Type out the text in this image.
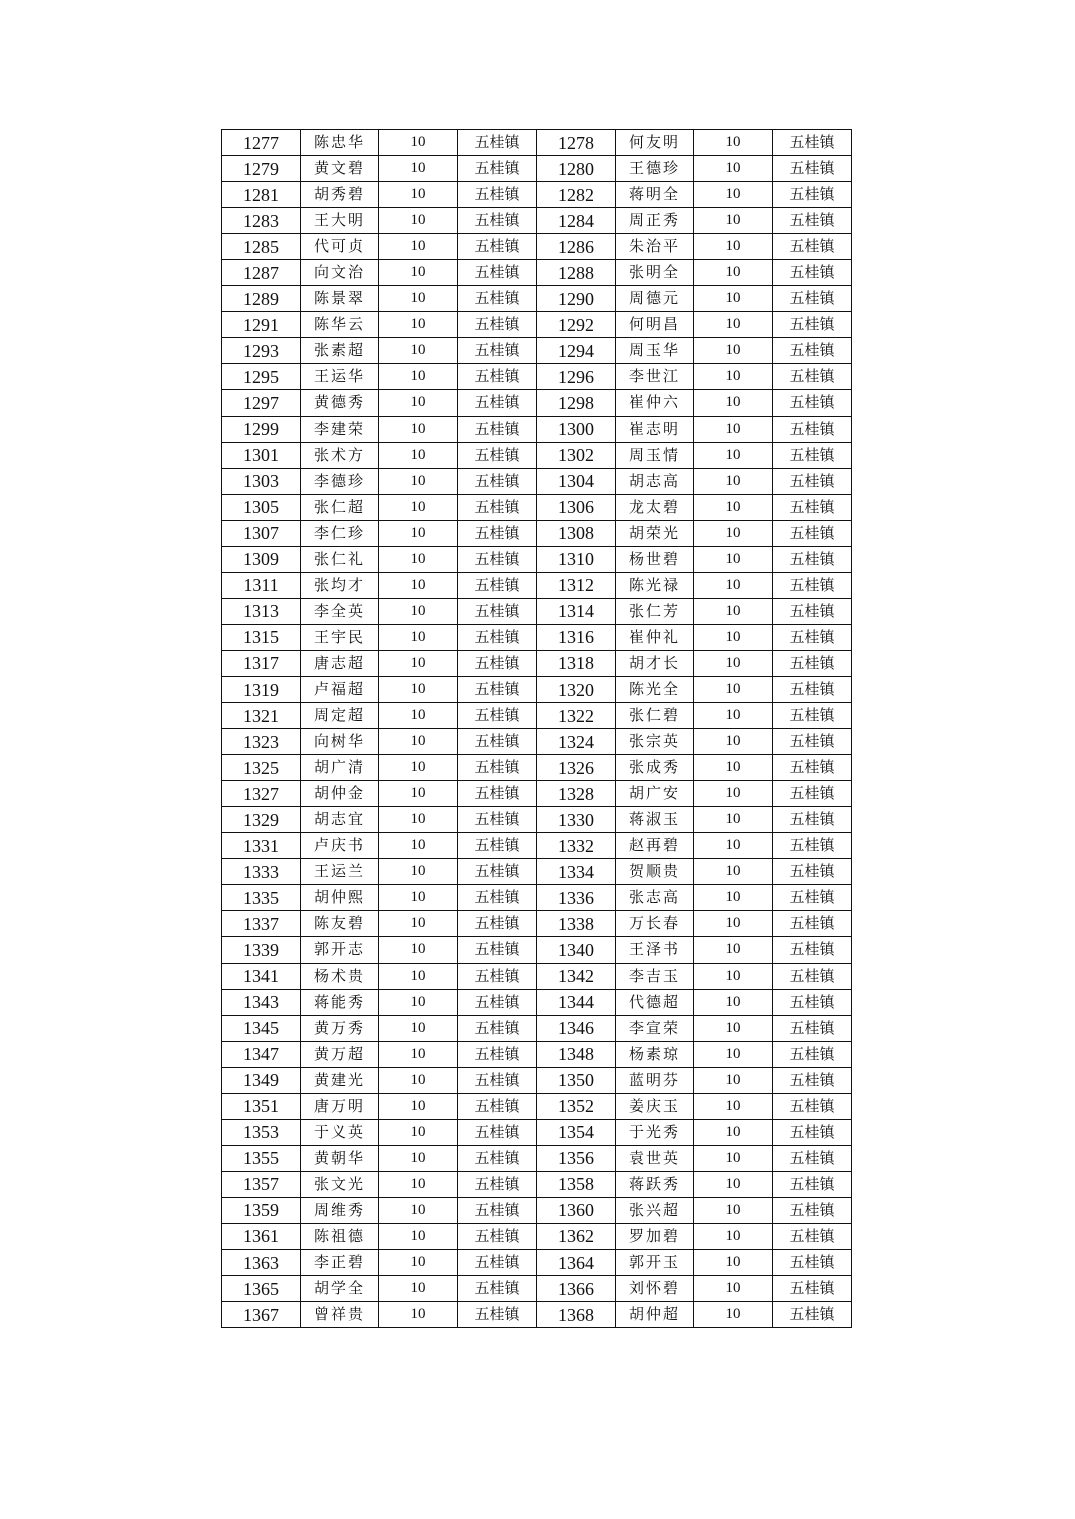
1277	陈忠华	10	五桂镇	1278	何友明	10	五桂镇
1279	黄文碧	10	五桂镇	1280	王德珍	10	五桂镇
1281	胡秀碧	10	五桂镇	1282	蒋明全	10	五桂镇
1283	王大明	10	五桂镇	1284	周正秀	10	五桂镇
1285	代可贞	10	五桂镇	1286	朱治平	10	五桂镇
1287	向文治	10	五桂镇	1288	张明全	10	五桂镇
1289	陈景翠	10	五桂镇	1290	周德元	10	五桂镇
1291	陈华云	10	五桂镇	1292	何明昌	10	五桂镇
1293	张素超	10	五桂镇	1294	周玉华	10	五桂镇
1295	王运华	10	五桂镇	1296	李世江	10	五桂镇
1297	黄德秀	10	五桂镇	1298	崔仲六	10	五桂镇
1299	李建荣	10	五桂镇	1300	崔志明	10	五桂镇
1301	张术方	10	五桂镇	1302	周玉情	10	五桂镇
1303	李德珍	10	五桂镇	1304	胡志高	10	五桂镇
1305	张仁超	10	五桂镇	1306	龙太碧	10	五桂镇
1307	李仁珍	10	五桂镇	1308	胡荣光	10	五桂镇
1309	张仁礼	10	五桂镇	1310	杨世碧	10	五桂镇
1311	张均才	10	五桂镇	1312	陈光禄	10	五桂镇
1313	李全英	10	五桂镇	1314	张仁芳	10	五桂镇
1315	王宇民	10	五桂镇	1316	崔仲礼	10	五桂镇
1317	唐志超	10	五桂镇	1318	胡才长	10	五桂镇
1319	卢福超	10	五桂镇	1320	陈光全	10	五桂镇
1321	周定超	10	五桂镇	1322	张仁碧	10	五桂镇
1323	向树华	10	五桂镇	1324	张宗英	10	五桂镇
1325	胡广清	10	五桂镇	1326	张成秀	10	五桂镇
1327	胡仲金	10	五桂镇	1328	胡广安	10	五桂镇
1329	胡志宜	10	五桂镇	1330	蒋淑玉	10	五桂镇
1331	卢庆书	10	五桂镇	1332	赵再碧	10	五桂镇
1333	王运兰	10	五桂镇	1334	贺顺贵	10	五桂镇
1335	胡仲熙	10	五桂镇	1336	张志高	10	五桂镇
1337	陈友碧	10	五桂镇	1338	万长春	10	五桂镇
1339	郭开志	10	五桂镇	1340	王泽书	10	五桂镇
1341	杨术贵	10	五桂镇	1342	李吉玉	10	五桂镇
1343	蒋能秀	10	五桂镇	1344	代德超	10	五桂镇
1345	黄万秀	10	五桂镇	1346	李宣荣	10	五桂镇
1347	黄万超	10	五桂镇	1348	杨素琼	10	五桂镇
1349	黄建光	10	五桂镇	1350	蓝明芬	10	五桂镇
1351	唐万明	10	五桂镇	1352	姜庆玉	10	五桂镇
1353	于义英	10	五桂镇	1354	于光秀	10	五桂镇
1355	黄朝华	10	五桂镇	1356	袁世英	10	五桂镇
1357	张文光	10	五桂镇	1358	蒋跃秀	10	五桂镇
1359	周维秀	10	五桂镇	1360	张兴超	10	五桂镇
1361	陈祖德	10	五桂镇	1362	罗加碧	10	五桂镇
1363	李正碧	10	五桂镇	1364	郭开玉	10	五桂镇
1365	胡学全	10	五桂镇	1366	刘怀碧	10	五桂镇
1367	曾祥贵	10	五桂镇	1368	胡仲超	10	五桂镇
